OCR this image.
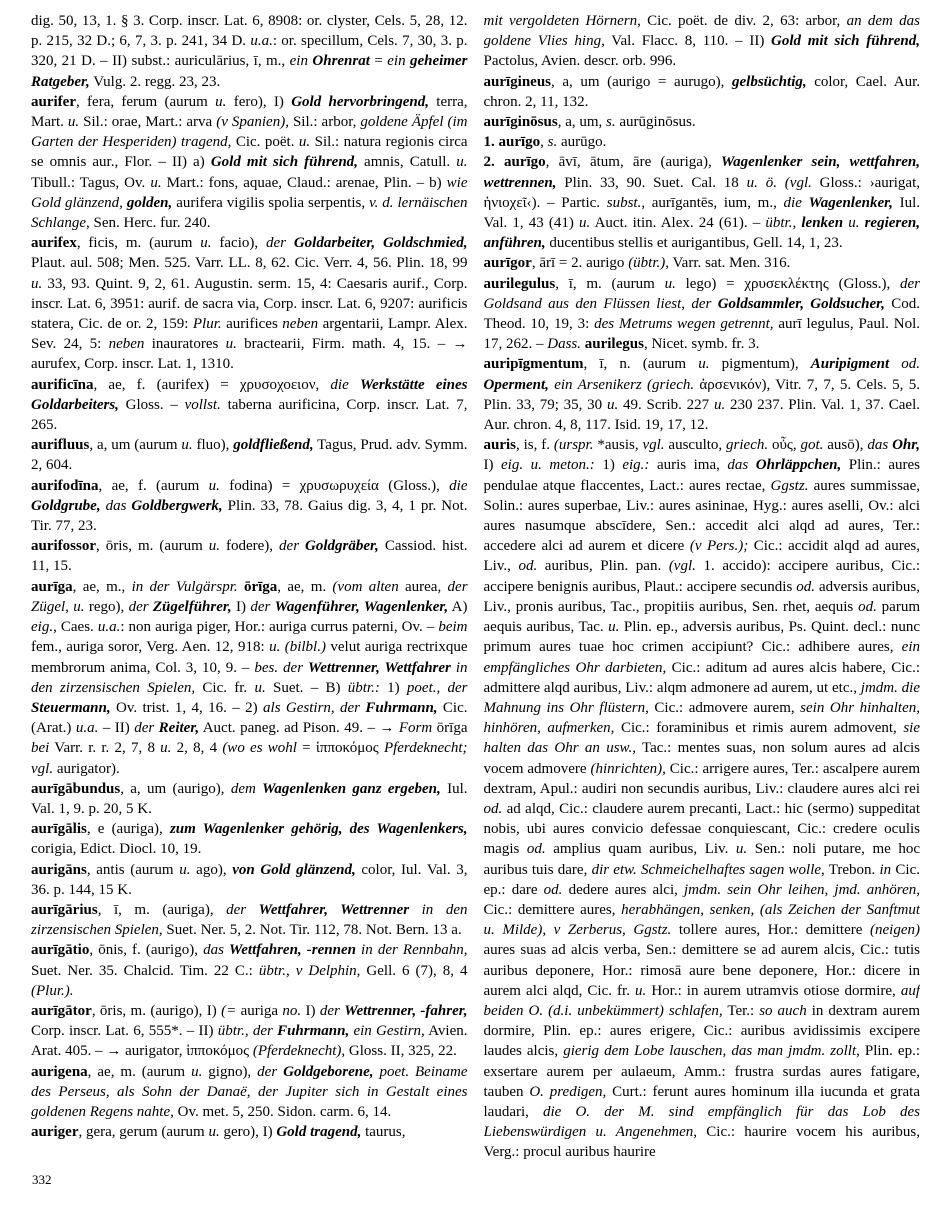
dig. 50, 13, 1. § 3. Corp. inscr. Lat. 6, 8908: or. clyster, Cels. 5, 28, 12. p. 215, 32 D.; 6, 7, 3. p. 241, 34 D. u.a.: or. specillum, Cels. 7, 30, 3. p. 320, 21 D. – II) subst.: auriculārius, ī, m., ein Ohrenrat = ein geheimer Ratgeber, Vulg. 2. regg. 23, 23.

aurifer, fera, ferum (aurum u. fero), I) Gold hervorbringend, terra, Mart. u. Sil.: orae, Mart.: arva (v Spanien), Sil.: arbor, goldene Äpfel (im Garten der Hesperiden) tragend, Cic. poët. u. Sil.: natura regionis circa se omnis aur., Flor. – II) a) Gold mit sich führend, amnis, Catull. u. Tibull.: Tagus, Ov. u. Mart.: fons, aquae, Claud.: arenae, Plin. – b) wie Gold glänzend, golden, aurifera vigilis spolia serpentis, v. d. lernäischen Schlange, Sen. Herc. fur. 240.

aurifex, ficis, m. (aurum u. facio), der Goldarbeiter, Goldschmied, Plaut. aul. 508; Men. 525. Varr. LL. 8, 62. Cic. Verr. 4, 56. Plin. 18, 99 u. 33, 93. Quint. 9, 2, 61. Augustin. serm. 15, 4: Caesaris aurif., Corp. inscr. Lat. 6, 3951: aurif. de sacra via, Corp. inscr. Lat. 6, 9207: aurificis statera, Cic. de or. 2, 159: Plur. aurifices neben argentarii, Lampr. Alex. Sev. 24, 5: neben inauratores u. bractearii, Firm. math. 4, 15. – → aurufex, Corp. inscr. Lat. 1, 1310.

aurificīna, ae, f. (aurifex) = χρυσοχοειον, die Werkstätte eines Goldarbeiters, Gloss. – vollst. taberna aurificina, Corp. inscr. Lat. 7, 265.

aurifluus, a, um (aurum u. fluo), goldfließend, Tagus, Prud. adv. Symm. 2, 604.

aurifodīna, ae, f. (aurum u. fodina) = χρυσωρυχεία (Gloss.), die Goldgrube, das Goldbergwerk, Plin. 33, 78. Gaius dig. 3, 4, 1 pr. Not. Tir. 77, 23.

aurifossor, ōris, m. (aurum u. fodere), der Goldgräber, Cassiod. hist. 11, 15.

aurīga, ae, m., in der Vulgärspr. ōrīga, ae, m. (vom alten aurea, der Zügel, u. rego), der Zügelführer, I) der Wagenführer, Wagenlenker, A) eig., Caes. u.a.: non auriga piger, Hor.: auriga currus paterni, Ov. – beim fem., auriga soror, Verg. Aen. 12, 918: u. (bilbl.) velut auriga rectrixque membrorum anima, Col. 3, 10, 9. – bes. der Wettrenner, Wettfahrer in den zirzensischen Spielen, Cic. fr. u. Suet. – B) übtr.: 1) poet., der Steuermann, Ov. trist. 1, 4, 16. – 2) als Gestirn, der Fuhrmann, Cic. (Arat.) u.a. – II) der Reiter, Auct. paneg. ad Pison. 49. – → Form ōrīga bei Varr. r. r. 2, 7, 8 u. 2, 8, 4 (wo es wohl = ἱπποκόμος Pferdeknecht; vgl. aurigator).

aurīgābundus, a, um (aurigo), dem Wagenlenken ganz ergeben, Iul. Val. 1, 9. p. 20, 5 K.

aurīgālis, e (auriga), zum Wagenlenker gehörig, des Wagenlenkers, corigia, Edict. Diocl. 10, 19.

aurigāns, antis (aurum u. ago), von Gold glänzend, color, Iul. Val. 3, 36. p. 144, 15 K.

aurīgārius, ī, m. (auriga), der Wettfahrer, Wettrenner in den zirzensischen Spielen, Suet. Ner. 5, 2. Not. Tir. 112, 78. Not. Bern. 13 a.

aurīgātio, ōnis, f. (aurigo), das Wettfahren, -rennen in der Rennbahn, Suet. Ner. 35. Chalcid. Tim. 22 C.: übtr., v Delphin, Gell. 6 (7), 8, 4 (Plur.).

aurīgātor, ōris, m. (aurigo), I) (= auriga no. I) der Wettrenner, -fahrer, Corp. inscr. Lat. 6, 555*. – II) übtr., der Fuhrmann, ein Gestirn, Avien. Arat. 405. – → aurigator, ἱπποκόμος (Pferdeknecht), Gloss. II, 325, 22.

aurigena, ae, m. (aurum u. gigno), der Goldgeborene, poet. Beiname des Perseus, als Sohn der Danaë, der Jupiter sich in Gestalt eines goldenen Regens nahte, Ov. met. 5, 250. Sidon. carm. 6, 14.

auriger, gera, gerum (aurum u. gero), I) Gold tragend, taurus,

mit vergoldeten Hörnern, Cic. poët. de div. 2, 63: arbor, an dem das goldene Vlies hing, Val. Flacc. 8, 110. – II) Gold mit sich führend, Pactolus, Avien. descr. orb. 996.

aurīgineus, a, um (aurigo = aurugo), gelbsüchtig, color, Cael. Aur. chron. 2, 11, 132.

aurīginōsus, a, um, s. aurūginōsus.

1. aurīgo, s. aurūgo.

2. aurīgo, āvī, ātum, āre (auriga), Wagenlenker sein, wettfahren, wettrennen, Plin. 33, 90. Suet. Cal. 18 u. ö. (vgl. Gloss.: ›aurigat, ἡνιοχεῖ‹). – Partic. subst., aurīgantēs, ium, m., die Wagenlenker, Iul. Val. 1, 43 (41) u. Auct. itin. Alex. 24 (61). – übtr., lenken u. regieren, anführen, ducentibus stellis et aurigantibus, Gell. 14, 1, 23.

aurīgor, ārī = 2. aurigo (übtr.), Varr. sat. Men. 316.

aurilegulus, ī, m. (aurum u. lego) = χρυσεκλέκτης (Gloss.), der Goldsand aus den Flüssen liest, der Goldsammler, Goldsucher, Cod. Theod. 10, 19, 3: des Metrums wegen getrennt, aurī legulus, Paul. Nol. 17, 262. – Dass. aurilegus, Nicet. symb. fr. 3.

auripīgmentum, ī, n. (aurum u. pigmentum), Auripigment od. Operment, ein Arsenikerz (griech. ἀρσενικόν), Vitr. 7, 7, 5. Cels. 5, 5. Plin. 33, 79; 35, 30 u. 49. Scrib. 227 u. 230 237. Plin. Val. 1, 37. Cael. Aur. chron. 4, 8, 117. Isid. 19, 17, 12.

auris, is, f. (urspr. *ausis, vgl. ausculto, griech. οὖς, got. ausō), das Ohr, I) eig. u. meton.: 1) eig.: auris ima, das Ohrläppchen, Plin.: aures pendulae atque flaccentes, Lact.: aures rectae, Ggstz. aures summissae, Solin.: aures superbae, Liv.: aures asininae, Hyg.: aures aselli, Ov.: alci aures nasumque abscīdere, Sen.: accedit alci alqd ad aures, Ter.: accedere alci ad aurem et dicere (v Pers.); Cic.: accidit alqd ad aures, Liv., od. auribus, Plin. pan. (vgl. 1. accido): accipere auribus, Cic.: accipere benignis auribus, Plaut.: accipere secundis od. adversis auribus, Liv., pronis auribus, Tac., propitiis auribus, Sen. rhet, aequis od. parum aequis auribus, Tac. u. Plin. ep., adversis auribus, Ps. Quint. decl.: nunc primum aures tuae hoc crimen accipiunt? Cic.: adhibere aures, ein empfängliches Ohr darbieten, Cic.: aditum ad aures alcis habere, Cic.: admittere alqd auribus, Liv.: alqm admonere ad aurem, ut etc., jmdm. die Mahnung ins Ohr flüstern, Cic.: admovere aurem, sein Ohr hinhalten, hinhören, aufmerken, Cic.: foraminibus et rimis aurem admovent, sie halten das Ohr an usw., Tac.: mentes suas, non solum aures ad alcis vocem admovere (hinrichten), Cic.: arrigere aures, Ter.: ascalpere aurem dextram, Apul.: audiri non secundis auribus, Liv.: claudere aures alci rei od. ad alqd, Cic.: claudere aurem precanti, Lact.: hic (sermo) suppeditat nobis, ubi aures convicio defessae conquiescant, Cic.: credere oculis magis od. amplius quam auribus, Liv. u. Sen.: noli putare, me hoc auribus tuis dare, dir etw. Schmeichelhaftes sagen wolle, Trebon. in Cic. ep.: dare od. dedere aures alci, jmdm. sein Ohr leihen, jmd. anhören, Cic.: demittere aures, herabhängen, senken, (als Zeichen der Sanftmut u. Milde), v Zerberus, Ggstz. tollere aures, Hor.: demittere (neigen) aures suas ad alcis verba, Sen.: demittere se ad aurem alcis, Cic.: tutis auribus deponere, Hor.: rimosā aure bene deponere, Hor.: dicere in aurem alci alqd, Cic. fr. u. Hor.: in aurem utramvis otiose dormire, auf beiden O. (d.i. unbekümmert) schlafen, Ter.: so auch in dextram aurem dormire, Plin. ep.: aures erigere, Cic.: auribus avidissimis excipere laudes alcis, gierig dem Lobe lauschen, das man jmdm. zollt, Plin. ep.: exsertare aurem per aulaeum, Amm.: frustra surdas aures fatigare, tauben O. predigen, Curt.: ferunt aures hominum illa iucunda et grata laudari, die O. der M. sind empfänglich für das Lob des Liebenswürdigen u. Angenehmen, Cic.: haurire vocem his auribus, Verg.: procul auribus haurire

332
